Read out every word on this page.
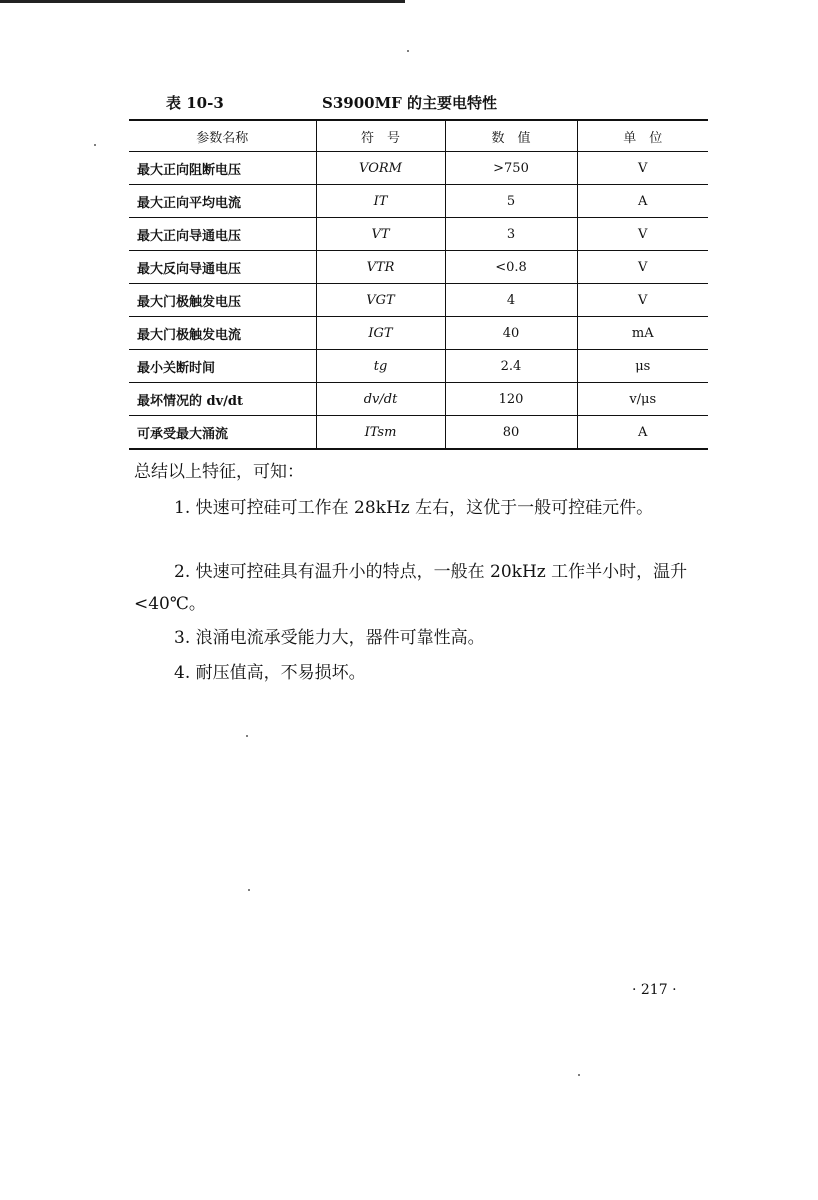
表 10-3	S3900MF 的主要电特性
参数名称	符　号	数　值	单　位
最大正向阻断电压	VORM	>750	V
最大正向平均电流	IT	5	A
最大正向导通电压	VT	3	V
最大反向导通电压	VTR	<0.8	V
最大门极触发电压	VGT	4	V
最大门极触发电流	IGT	40	mA
最小关断时间	tg	2.4	μs
最坏情况的 dv/dt	dv/dt	120	v/μs
可承受最大涌流	ITsm	80	A

总结以上特征，可知：

1. 快速可控硅可工作在 28kHz 左右，这优于一般可控硅元件。

2. 快速可控硅具有温升小的特点，一般在 20kHz 工作半小时，温升<40℃。

3. 浪涌电流承受能力大，器件可靠性高。

4. 耐压值高，不易损坏。

· 217 ·
